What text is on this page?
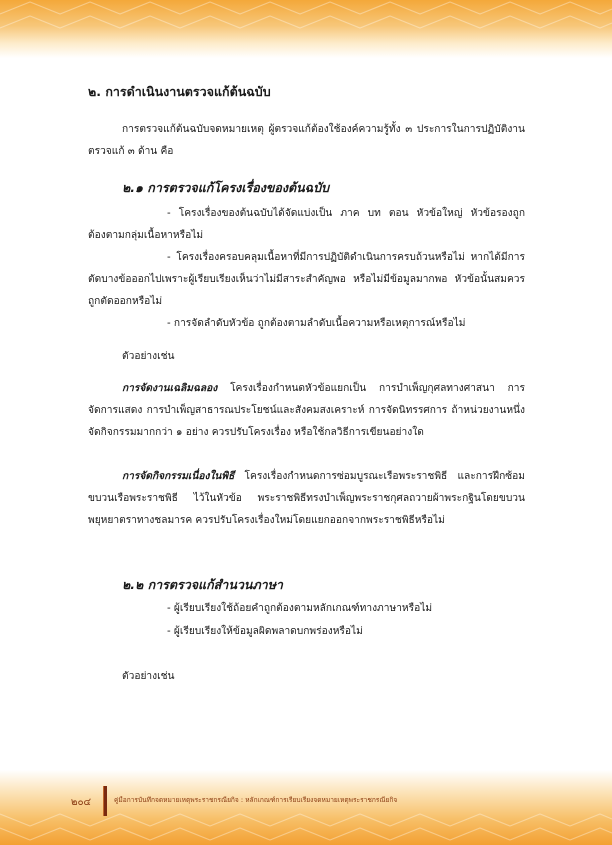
๒. การดำเนินงานตรวจแก้ต้นฉบับ
การตรวจแก้ต้นฉบับจดหมายเหตุ ผู้ตรวจแก้ต้องใช้องค์ความรู้ทั้ง ๓ ประการในการปฏิบัติงานตรวจแก้ ๓ ด้าน คือ
๒.๑ การตรวจแก้โครงเรื่องของต้นฉบับ
- โครงเรื่องของต้นฉบับได้จัดแบ่งเป็น ภาค บท ตอน หัวข้อใหญ่ หัวข้อรองถูกต้องตามกลุ่มเนื้อหาหรือไม่
- โครงเรื่องครอบคลุมเนื้อหาที่มีการปฏิบัติดำเนินการครบถ้วนหรือไม่ หากได้มีการตัดบางข้อออกไปเพราะผู้เรียบเรียงเห็นว่าไม่มีสาระสำคัญพอ หรือไม่มีข้อมูลมากพอ หัวข้อนั้นสมควรถูกตัดออกหรือไม่
- การจัดลำดับหัวข้อ ถูกต้องตามลำดับเนื้อความหรือเหตุการณ์หรือไม่
ตัวอย่างเช่น
การจัดงานเฉลิมฉลอง โครงเรื่องกำหนดหัวข้อแยกเป็น การบำเพ็ญกุศลทางศาสนา การจัดการแสดง การบำเพ็ญสาธารณประโยชน์และสังคมสงเคราะห์ การจัดนิทรรศการ ถ้าหน่วยงานหนึ่งจัดกิจกรรมมากกว่า ๑ อย่าง ควรปรับโครงเรื่อง หรือใช้กลวิธีการเขียนอย่างใด
การจัดกิจกรรมเนื่องในพิธี โครงเรื่องกำหนดการซ่อมบูรณะเรือพระราชพิธี และการฝึกซ้อมขบวนเรือพระราชพิธี ไว้ในหัวข้อ พระราชพิธีทรงบำเพ็ญพระราชกุศลถวายผ้าพระกฐินโดยขบวนพยุหยาตราทางชลมารค ควรปรับโครงเรื่องใหม่โดยแยกออกจากพระราชพิธีหรือไม่
๒.๒ การตรวจแก้สำนวนภาษา
- ผู้เรียบเรียงใช้ถ้อยคำถูกต้องตามหลักเกณฑ์ทางภาษาหรือไม่
- ผู้เรียบเรียงให้ข้อมูลผิดพลาดบกพร่องหรือไม่
ตัวอย่างเช่น
๒๐๔	คู่มือการบันทึกจดหมายเหตุพระราชกรณียกิจ : หลักเกณฑ์การเรียบเรียงจดหมายเหตุพระราชกรณียกิจ
